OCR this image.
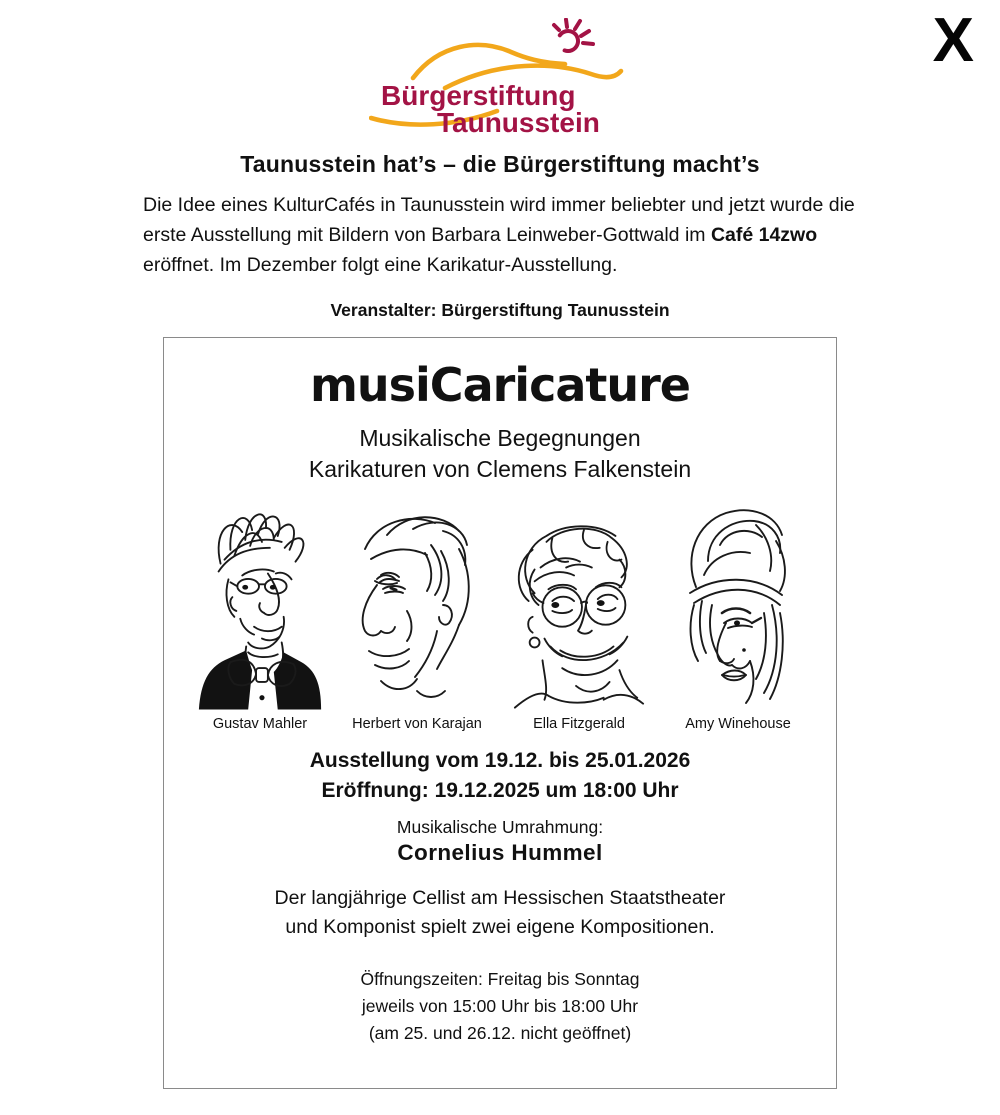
X
Bürgerstiftung
Taunusstein
Taunusstein hat’s – die Bürgerstiftung macht’s

Die Idee eines KulturCafés in Taunusstein wird immer beliebter und jetzt wurde die erste Ausstellung mit Bildern von Barbara Leinweber-Gottwald im Café 14zwo eröffnet. Im Dezember folgt eine Karikatur-Ausstellung.

Veranstalter: Bürgerstiftung Taunusstein
musiCaricature
Musikalische Begegnungen
Karikaturen von Clemens Falkenstein
Gustav Mahler	Herbert von Karajan	Ella Fitzgerald	Amy Winehouse
Ausstellung vom 19.12. bis 25.01.2026
Eröffnung: 19.12.2025 um 18:00 Uhr
Musikalische Umrahmung:
Cornelius Hummel
Der langjährige Cellist am Hessischen Staatstheater
und Komponist spielt zwei eigene Kompositionen.
Öffnungszeiten: Freitag bis Sonntag
jeweils von 15:00 Uhr bis 18:00 Uhr
(am 25. und 26.12. nicht geöffnet)
